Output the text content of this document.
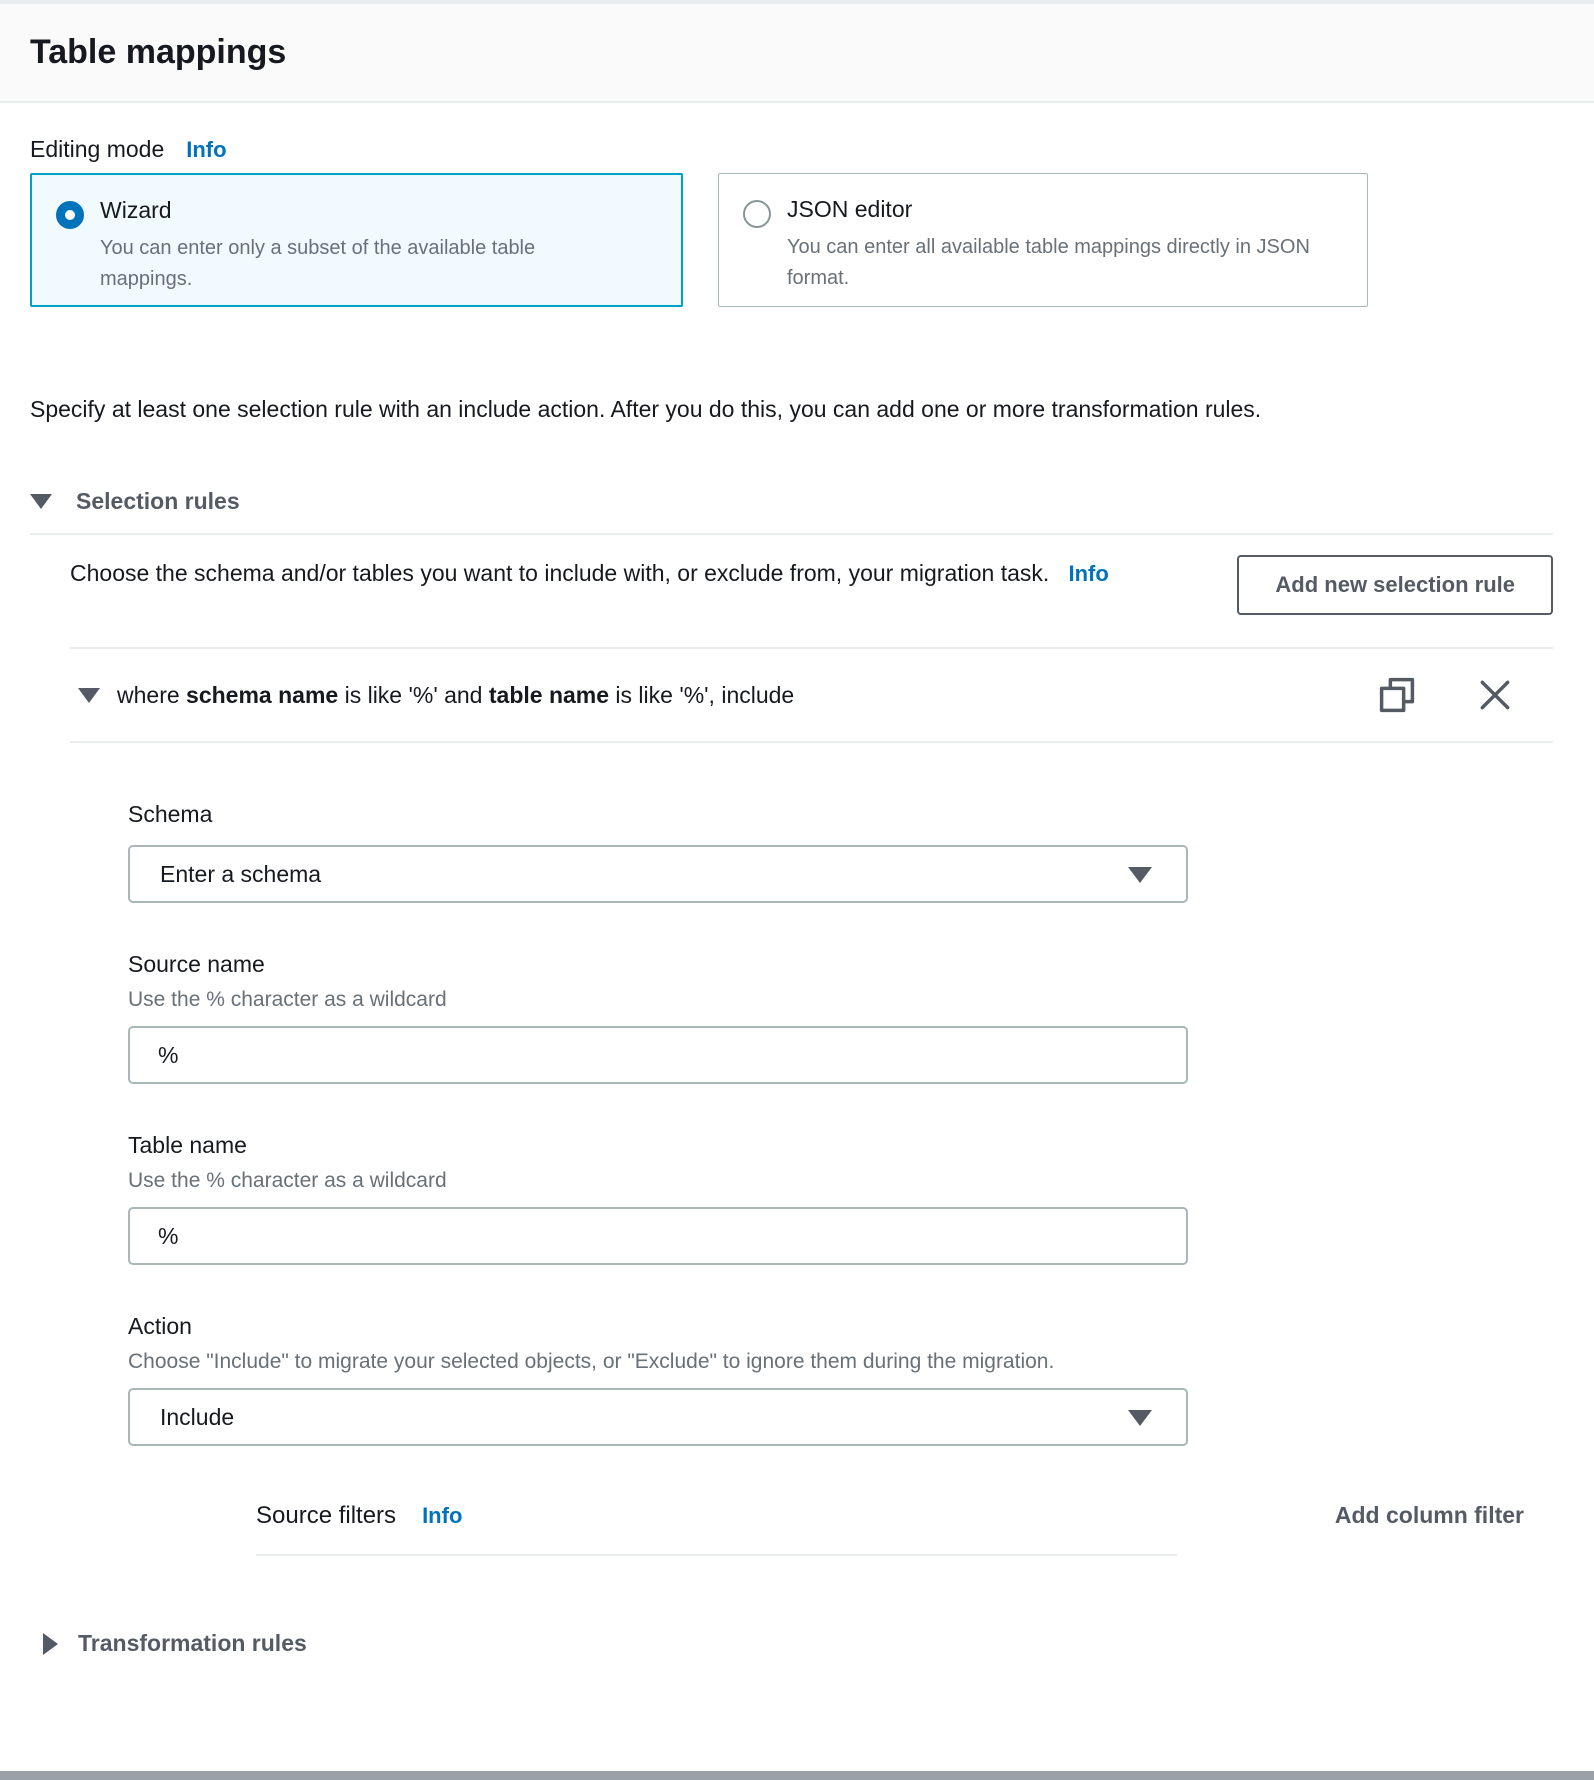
Table mappings
Editing mode Info
Wizard
You can enter only a subset of the available table mappings.
JSON editor
You can enter all available table mappings directly in JSON format.

Specify at least one selection rule with an include action. After you do this, you can add one or more transformation rules.

Selection rules
Choose the schema and/or tables you want to include with, or exclude from, your migration task. Info	Add new selection rule
where schema name is like '%' and table name is like '%', include
Schema
Enter a schema
Source name
Use the % character as a wildcard
%
Table name
Use the % character as a wildcard
%
Action
Choose "Include" to migrate your selected objects, or "Exclude" to ignore them during the migration.
Include
Source filters Info	Add column filter
Transformation rules
